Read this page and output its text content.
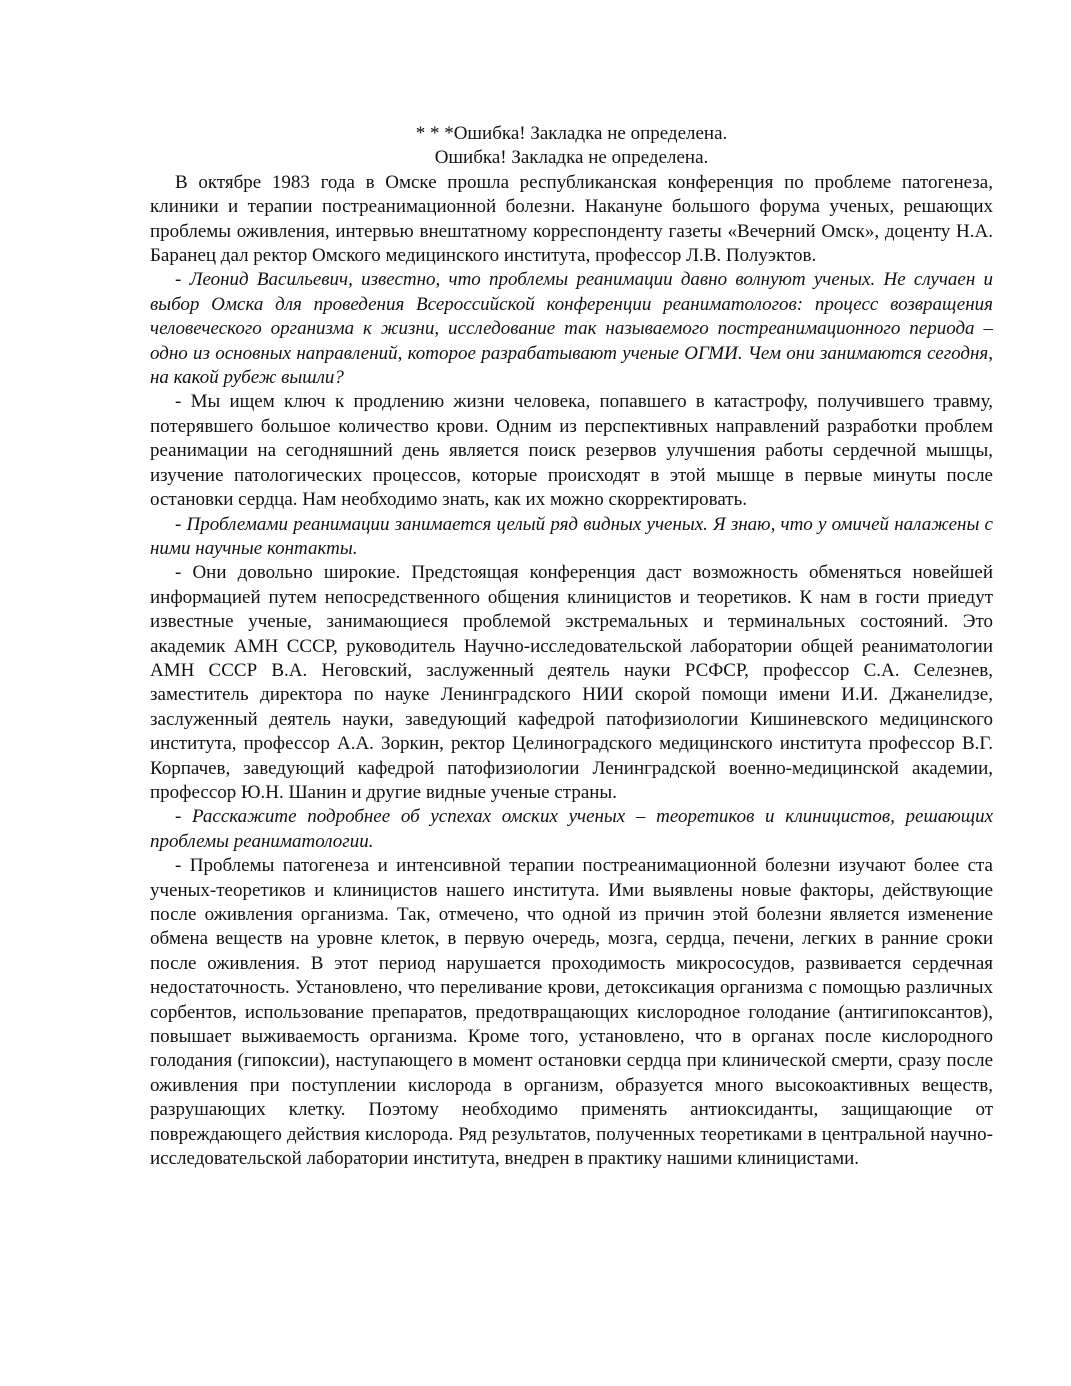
* * *Ошибка! Закладка не определена.

Ошибка! Закладка не определена.

В октябре 1983 года в Омске прошла республиканская конференция по проблеме патогенеза, клиники и терапии постреанимационной болезни. Накануне большого форума ученых, решающих проблемы оживления, интервью внештатному корреспонденту газеты «Вечерний Омск», доценту Н.А. Баранец дал ректор Омского медицинского института, профессор Л.В. Полуэктов.

- Леонид Васильевич, известно, что проблемы реанимации давно волнуют ученых. Не случаен и выбор Омска для проведения Всероссийской конференции реаниматологов: процесс возвращения человеческого организма к жизни, исследование так называемого постреанимационного периода – одно из основных направлений, которое разрабатывают ученые ОГМИ. Чем они занимаются сегодня, на какой рубеж вышли?

- Мы ищем ключ к продлению жизни человека, попавшего в катастрофу, получившего травму, потерявшего большое количество крови. Одним из перспективных направлений разработки проблем реанимации на сегодняшний день является поиск резервов улучшения работы сердечной мышцы, изучение патологических процессов, которые происходят в этой мышце в первые минуты после остановки сердца. Нам необходимо знать, как их можно скорректировать.

- Проблемами реанимации занимается целый ряд видных ученых. Я знаю, что у омичей налажены с ними научные контакты.

- Они довольно широкие. Предстоящая конференция даст возможность обменяться новейшей информацией путем непосредственного общения клиницистов и теоретиков. К нам в гости приедут известные ученые, занимающиеся проблемой экстремальных и терминальных состояний. Это академик АМН СССР, руководитель Научно-исследовательской лаборатории общей реаниматологии АМН СССР В.А. Неговский, заслуженный деятель науки РСФСР, профессор С.А. Селезнев, заместитель директора по науке Ленинградского НИИ скорой помощи имени И.И. Джанелидзе, заслуженный деятель науки, заведующий кафедрой патофизиологии Кишиневского медицинского института, профессор А.А. Зоркин, ректор Целиноградского медицинского института профессор В.Г. Корпачев, заведующий кафедрой патофизиологии Ленинградской военно-медицинской академии, профессор Ю.Н. Шанин и другие видные ученые страны.

- Расскажите подробнее об успехах омских ученых – теоретиков и клиницистов, решающих проблемы реаниматологии.

- Проблемы патогенеза и интенсивной терапии постреанимационной болезни изучают более ста ученых-теоретиков и клиницистов нашего института. Ими выявлены новые факторы, действующие после оживления организма. Так, отмечено, что одной из причин этой болезни является изменение обмена веществ на уровне клеток, в первую очередь, мозга, сердца, печени, легких в ранние сроки после оживления. В этот период нарушается проходимость микрососудов, развивается сердечная недостаточность. Установлено, что переливание крови, детоксикация организма с помощью различных сорбентов, использование препаратов, предотвращающих кислородное голодание (антигипоксантов), повышает выживаемость организма. Кроме того, установлено, что в органах после кислородного голодания (гипоксии), наступающего в момент остановки сердца при клинической смерти, сразу после оживления при поступлении кислорода в организм, образуется много высокоактивных веществ, разрушающих клетку. Поэтому необходимо применять антиоксиданты, защищающие от повреждающего действия кислорода. Ряд результатов, полученных теоретиками в центральной научно-исследовательской лаборатории института, внедрен в практику нашими клиницистами.
